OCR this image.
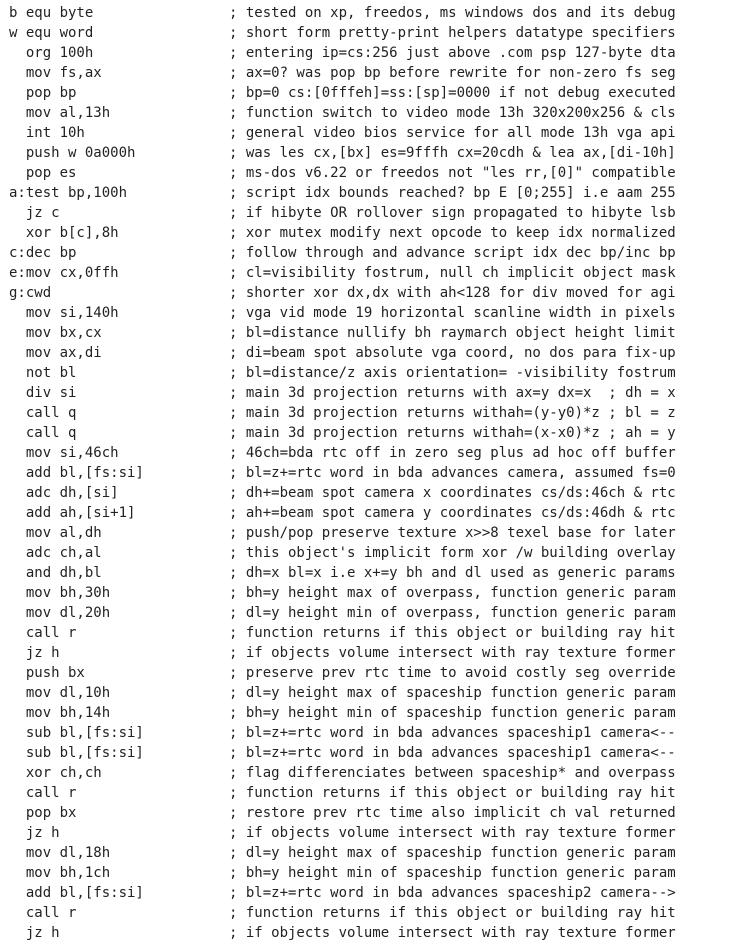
b equ byte	; tested on xp, freedos, ms windows dos and its debug
w equ word	; short form pretty-print helpers datatype specifiers
org 100h	; entering ip=cs:256 just above .com psp 127-byte dta
mov fs,ax	; ax=0? was pop bp before rewrite for non-zero fs seg
pop bp	; bp=0 cs:[0fffeh]=ss:[sp]=0000 if not debug executed
mov al,13h	; function switch to video mode 13h 320x200x256 & cls
int 10h	; general video bios service for all mode 13h vga api
push w 0a000h	; was les cx,[bx] es=9fffh cx=20cdh & lea ax,[di-10h]
pop es	; ms-dos v6.22 or freedos not "les rr,[0]" compatible
a:test bp,100h	; script idx bounds reached? bp E [0;255] i.e aam 255
jz c	; if hibyte OR rollover sign propagated to hibyte lsb
xor b[c],8h	; xor mutex modify next opcode to keep idx normalized
c:dec bp	; follow through and advance script idx dec bp/inc bp
e:mov cx,0ffh	; cl=visibility fostrum, null ch implicit object mask
g:cwd	; shorter xor dx,dx with ah<128 for div moved for agi
mov si,140h	; vga vid mode 19 horizontal scanline width in pixels
mov bx,cx	; bl=distance nullify bh raymarch object height limit
mov ax,di	; di=beam spot absolute vga coord, no dos para fix-up
not bl	; bl=distance/z axis orientation= -visibility fostrum
div si	; main 3d projection returns with ax=y dx=x  ; dh = x
call q	; main 3d projection returns withah=(y-y0)*z ; bl = z
call q	; main 3d projection returns withah=(x-x0)*z ; ah = y
mov si,46ch	; 46ch=bda rtc off in zero seg plus ad hoc off buffer
add bl,[fs:si]	; bl=z+=rtc word in bda advances camera, assumed fs=0
adc dh,[si]	; dh+=beam spot camera x coordinates cs/ds:46ch & rtc
add ah,[si+1]	; ah+=beam spot camera y coordinates cs/ds:46dh & rtc
mov al,dh	; push/pop preserve texture x>>8 texel base for later
adc ch,al	; this object's implicit form xor /w building overlay
and dh,bl	; dh=x bl=x i.e x+=y bh and dl used as generic params
mov bh,30h	; bh=y height max of overpass, function generic param
mov dl,20h	; dl=y height min of overpass, function generic param
call r	; function returns if this object or building ray hit
jz h	; if objects volume intersect with ray texture former
push bx	; preserve prev rtc time to avoid costly seg override
mov dl,10h	; dl=y height max of spaceship function generic param
mov bh,14h	; bh=y height min of spaceship function generic param
sub bl,[fs:si]	; bl=z+=rtc word in bda advances spaceship1 camera<--
sub bl,[fs:si]	; bl=z+=rtc word in bda advances spaceship1 camera<--
xor ch,ch	; flag differenciates between spaceship* and overpass
call r	; function returns if this object or building ray hit
pop bx	; restore prev rtc time also implicit ch val returned
jz h	; if objects volume intersect with ray texture former
mov dl,18h	; dl=y height max of spaceship function generic param
mov bh,1ch	; bh=y height min of spaceship function generic param
add bl,[fs:si]	; bl=z+=rtc word in bda advances spaceship2 camera-->
call r	; function returns if this object or building ray hit
jz h	; if objects volume intersect with ray texture former
